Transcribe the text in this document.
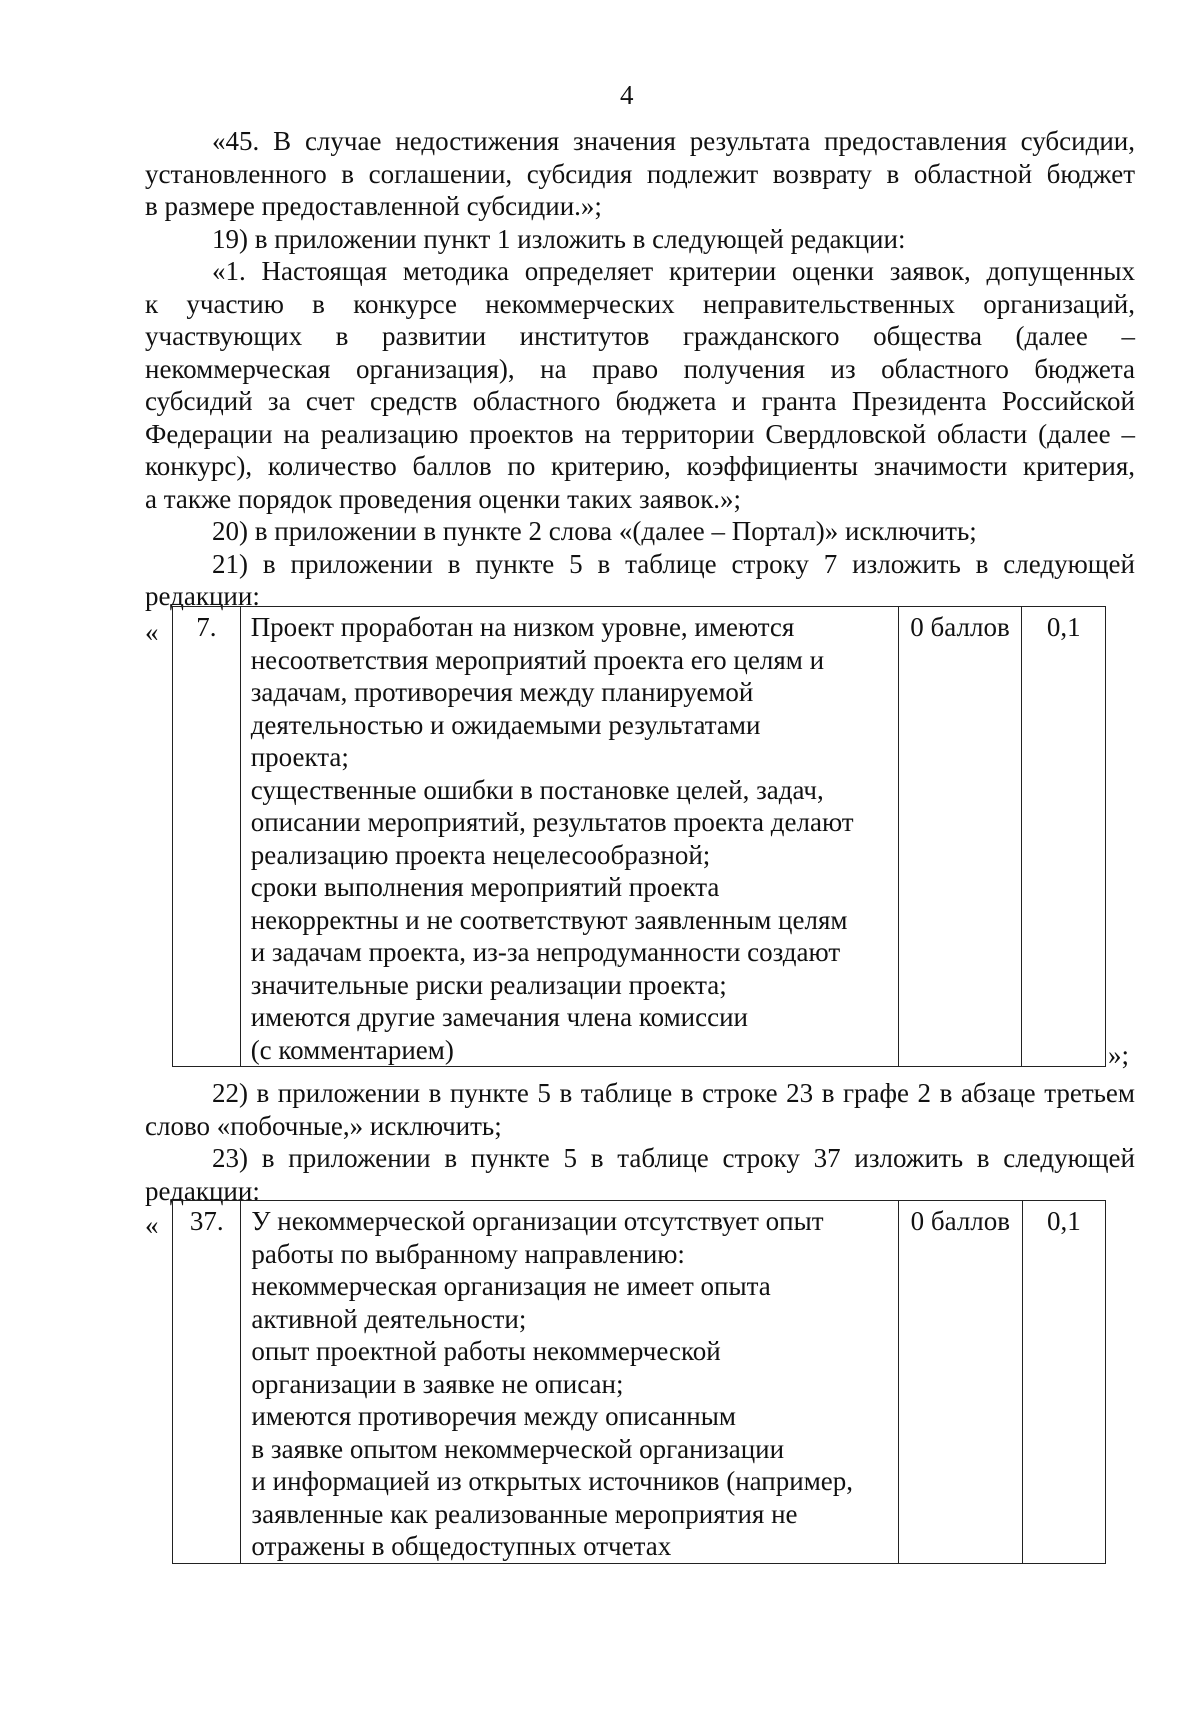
4
«45. В случае недостижения значения результата предоставления субсидии,
установленного в соглашении, субсидия подлежит возврату в областной бюджет
в размере предоставленной субсидии.»;
19) в приложении пункт 1 изложить в следующей редакции:
«1. Настоящая методика определяет критерии оценки заявок, допущенных
к участию в конкурсе некоммерческих неправительственных организаций,
участвующих в развитии институтов гражданского общества (далее –
некоммерческая организация), на право получения из областного бюджета
субсидий за счет средств областного бюджета и гранта Президента Российской
Федерации на реализацию проектов на территории Свердловской области (далее –
конкурс), количество баллов по критерию, коэффициенты значимости критерия,
а также порядок проведения оценки таких заявок.»;
20) в приложении в пункте 2 слова «(далее – Портал)» исключить;
21) в приложении в пункте 5 в таблице строку 7 изложить в следующей
редакции:
« 7.	Проект проработан на низком уровне, имеются
несоответствия мероприятий проекта его целям и
задачам, противоречия между планируемой
деятельностью и ожидаемыми результатами
проекта;
существенные ошибки в постановке целей, задач,
описании мероприятий, результатов проекта делают
реализацию проекта нецелесообразной;
сроки выполнения мероприятий проекта
некорректны и не соответствуют заявленным целям
и задачам проекта, из-за непродуманности создают
значительные риски реализации проекта;
имеются другие замечания члена комиссии
(с комментарием)
	0 баллов	0,1
»;
22) в приложении в пункте 5 в таблице в строке 23 в графе 2 в абзаце третьем
слово «побочные,» исключить;
23) в приложении в пункте 5 в таблице строку 37 изложить в следующей
редакции:
« 37.	У некоммерческой организации отсутствует опыт
работы по выбранному направлению:
некоммерческая организация не имеет опыта
активной деятельности;
опыт проектной работы некоммерческой
организации в заявке не описан;
имеются противоречия между описанным
в заявке опытом некоммерческой организации
и информацией из открытых источников (например,
заявленные как реализованные мероприятия не
отражены в общедоступных отчетах
	0 баллов	0,1
